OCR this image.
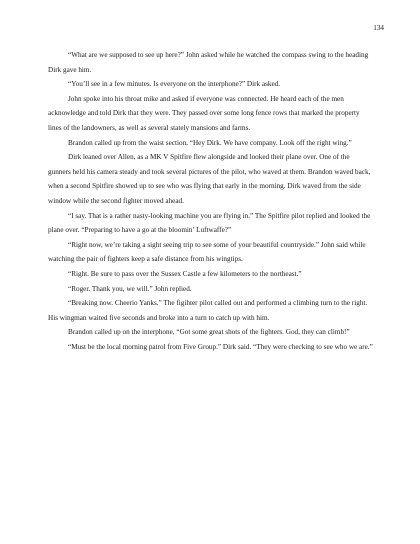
134

“What are we supposed to see up here?” John asked while he watched the compass swing to the heading Dirk gave him.

“You’ll see in a few minutes. Is everyone on the interphone?” Dirk asked.

John spoke into his throat mike and asked if everyone was connected. He heard each of the men acknowledge and told Dirk that they were. They passed over some long fence rows that marked the property lines of the landowners, as well as several stately mansions and farms.

Brandon called up from the waist section, “Hey Dirk. We have company. Look off the right wing.”

Dirk leaned over Allen, as a MK V Spitfire flew alongside and looked their plane over. One of the gunners held his camera steady and took several pictures of the pilot, who waved at them. Brandon waved back, when a second Spitfire showed up to see who was flying that early in the morning. Dirk waved from the side window while the second fighter moved ahead.

“I say. That is a rather nasty-looking machine you are flying in.” The Spitfire pilot replied and looked the plane over. “Preparing to have a go at the bloomin’ Luftwaffe?”

“Right now, we’re taking a sight seeing trip to see some of your beautiful countryside.” John said while watching the pair of fighters keep a safe distance from his wingtips.

“Right. Be sure to pass over the Sussex Castle a few kilometers to the northeast.”

“Roger. Thank you, we will.” John replied.

“Breaking now. Cheerio Yanks.” The figihter pilot called out and performed a climbing turn to the right. His wingman waited five seconds and broke into a turn to catch up with him.

Brandon called up on the interphone, “Got some great shots of the fighters. God, they can climb!”

“Must be the local morning patrol from Five Group.” Dirk said. “They were checking to see who we are.”
